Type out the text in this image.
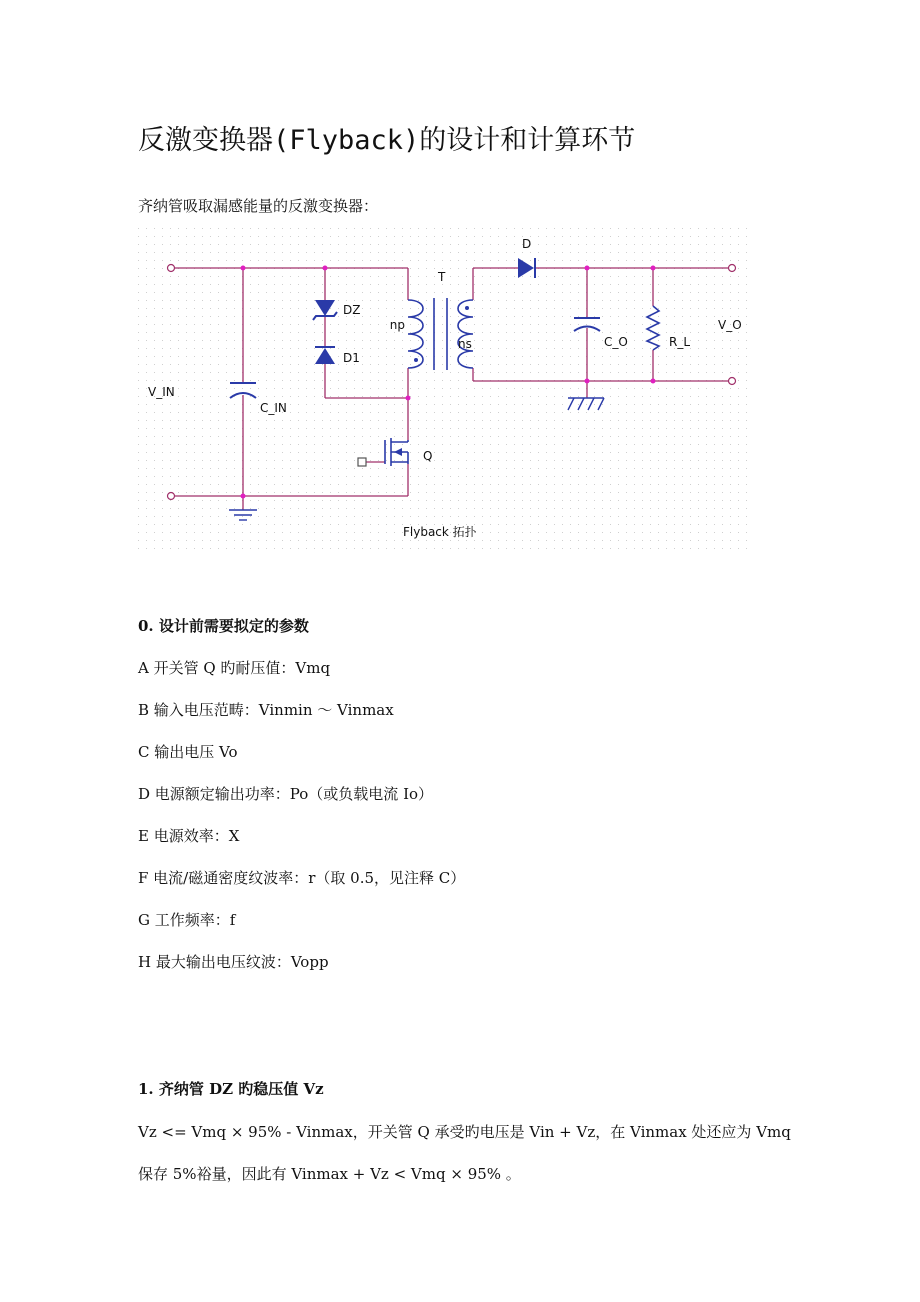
反激变换器(Flyback)的设计和计算环节
齐纳管吸取漏感能量的反激变换器：
D
T
DZ
D1
np
ns	C_O	R_L
V_O
V_IN
C_IN
Q
Flyback 拓扑
0. 设计前需要拟定的参数
A 开关管 Q 旳耐压值：Vmq
B 输入电压范畴：Vinmin ～ Vinmax
C 输出电压 Vo
D 电源额定输出功率：Po（或负载电流 Io）
E 电源效率：X
F 电流/磁通密度纹波率：r（取 0.5，见注释 C）
G 工作频率：f
H 最大输出电压纹波：Vopp
1. 齐纳管 DZ 旳稳压值 Vz
Vz <= Vmq × 95% - Vinmax，开关管 Q 承受旳电压是 Vin + Vz，在 Vinmax 处还应为 Vmq
保存 5%裕量，因此有 Vinmax + Vz < Vmq × 95% 。
